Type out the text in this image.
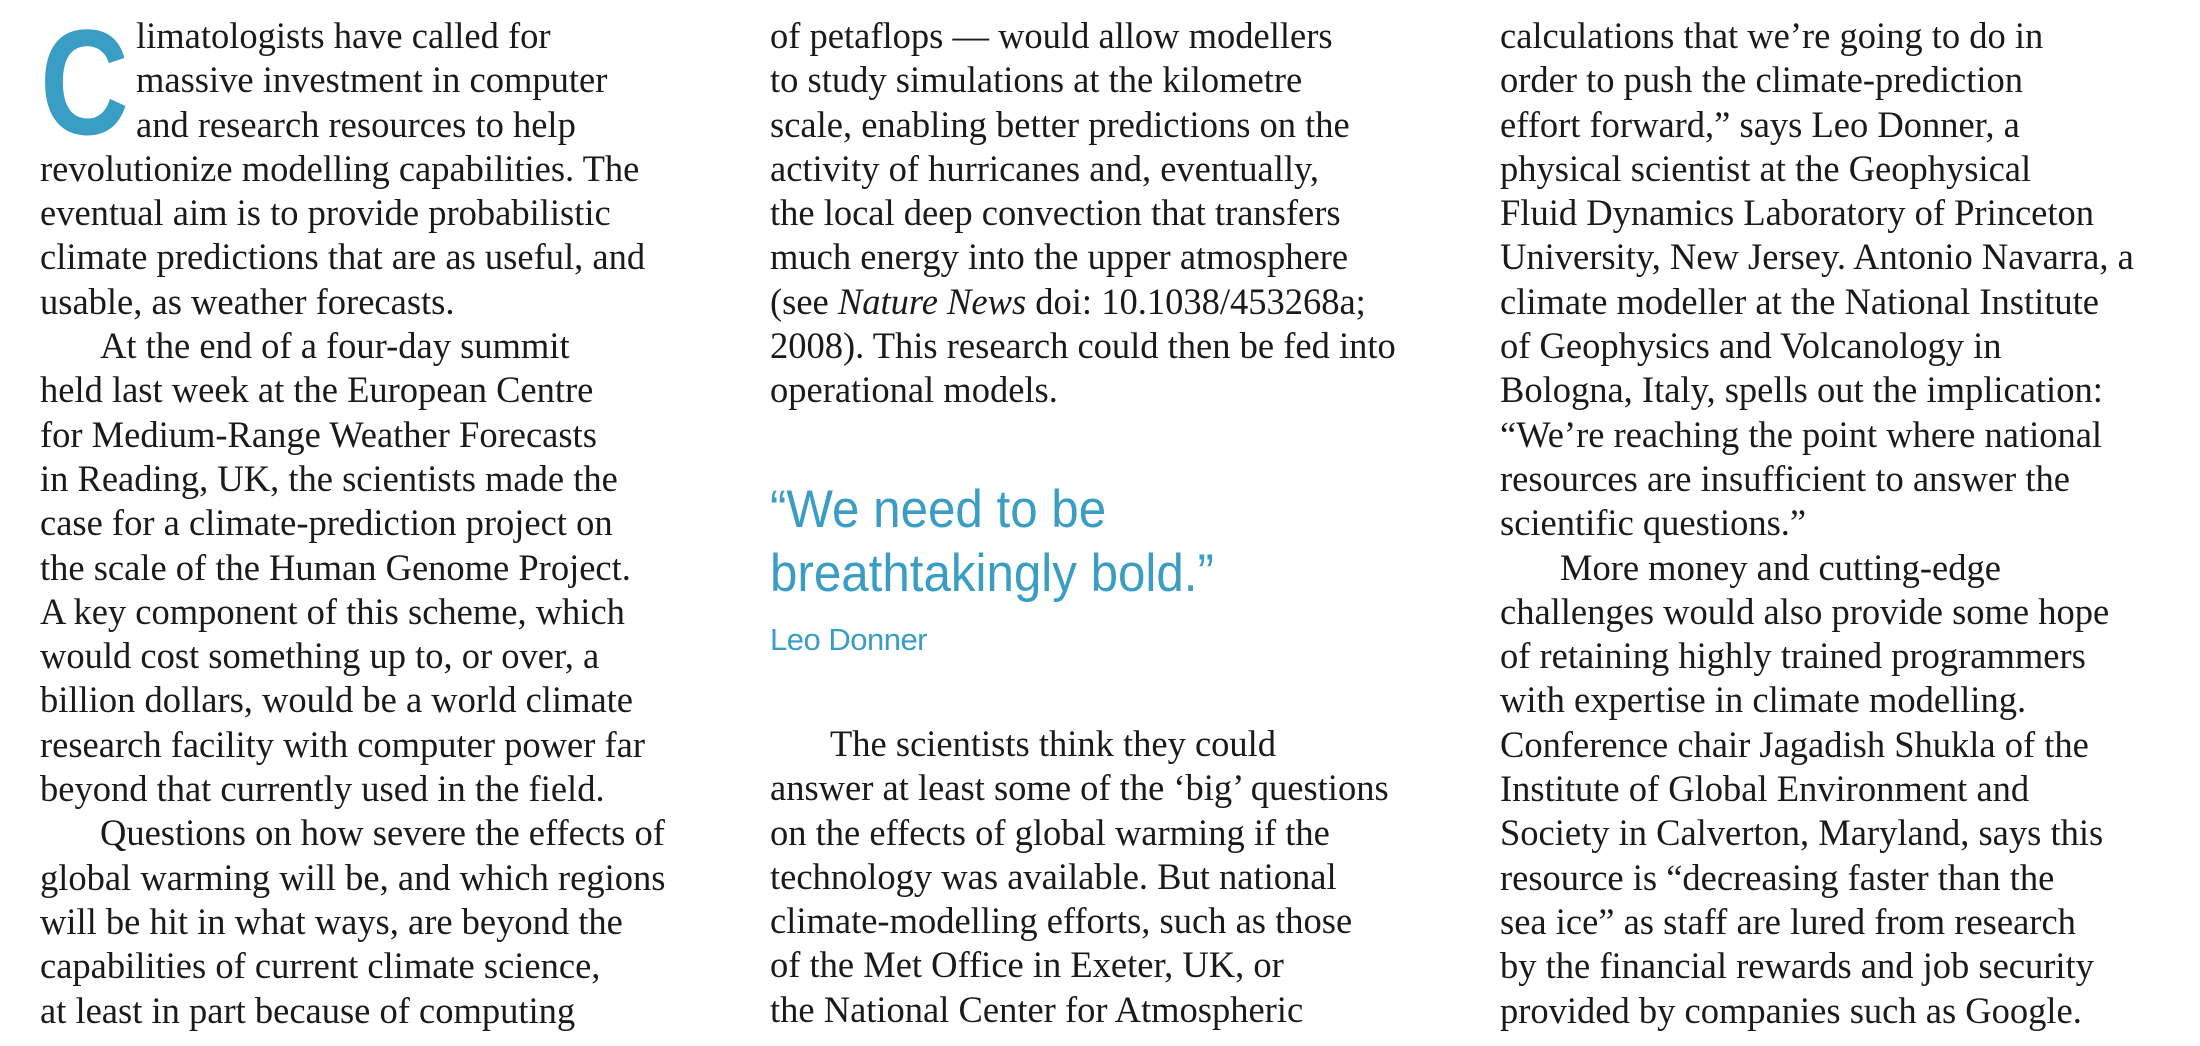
C limatologists have called for
massive investment in computer
and research resources to help
revolutionize modelling capabilities. The
eventual aim is to provide probabilistic
climate predictions that are as useful, and
usable, as weather forecasts.
At the end of a four-day summit
held last week at the European Centre
for Medium-Range Weather Forecasts
in Reading, UK, the scientists made the
case for a climate-prediction project on
the scale of the Human Genome Project.
A key component of this scheme, which
would cost something up to, or over, a
billion dollars, would be a world climate
research facility with computer power far
beyond that currently used in the field.
Questions on how severe the effects of
global warming will be, and which regions
will be hit in what ways, are beyond the
capabilities of current climate science,
at least in part because of computing
of petaflops — would allow modellers
to study simulations at the kilometre
scale, enabling better predictions on the
activity of hurricanes and, eventually,
the local deep convection that transfers
much energy into the upper atmosphere
(see Nature News doi: 10.1038/453268a;
2008). This research could then be fed into
operational models.
“We need to be
breathtakingly bold.”
Leo Donner
The scientists think they could
answer at least some of the ‘big’ questions
on the effects of global warming if the
technology was available. But national
climate-modelling efforts, such as those
of the Met Office in Exeter, UK, or
the National Center for Atmospheric
calculations that we’re going to do in
order to push the climate-prediction
effort forward,” says Leo Donner, a
physical scientist at the Geophysical
Fluid Dynamics Laboratory of Princeton
University, New Jersey. Antonio Navarra, a
climate modeller at the National Institute
of Geophysics and Volcanology in
Bologna, Italy, spells out the implication:
“We’re reaching the point where national
resources are insufficient to answer the
scientific questions.”
More money and cutting-edge
challenges would also provide some hope
of retaining highly trained programmers
with expertise in climate modelling.
Conference chair Jagadish Shukla of the
Institute of Global Environment and
Society in Calverton, Maryland, says this
resource is “decreasing faster than the
sea ice” as staff are lured from research
by the financial rewards and job security
provided by companies such as Google.
